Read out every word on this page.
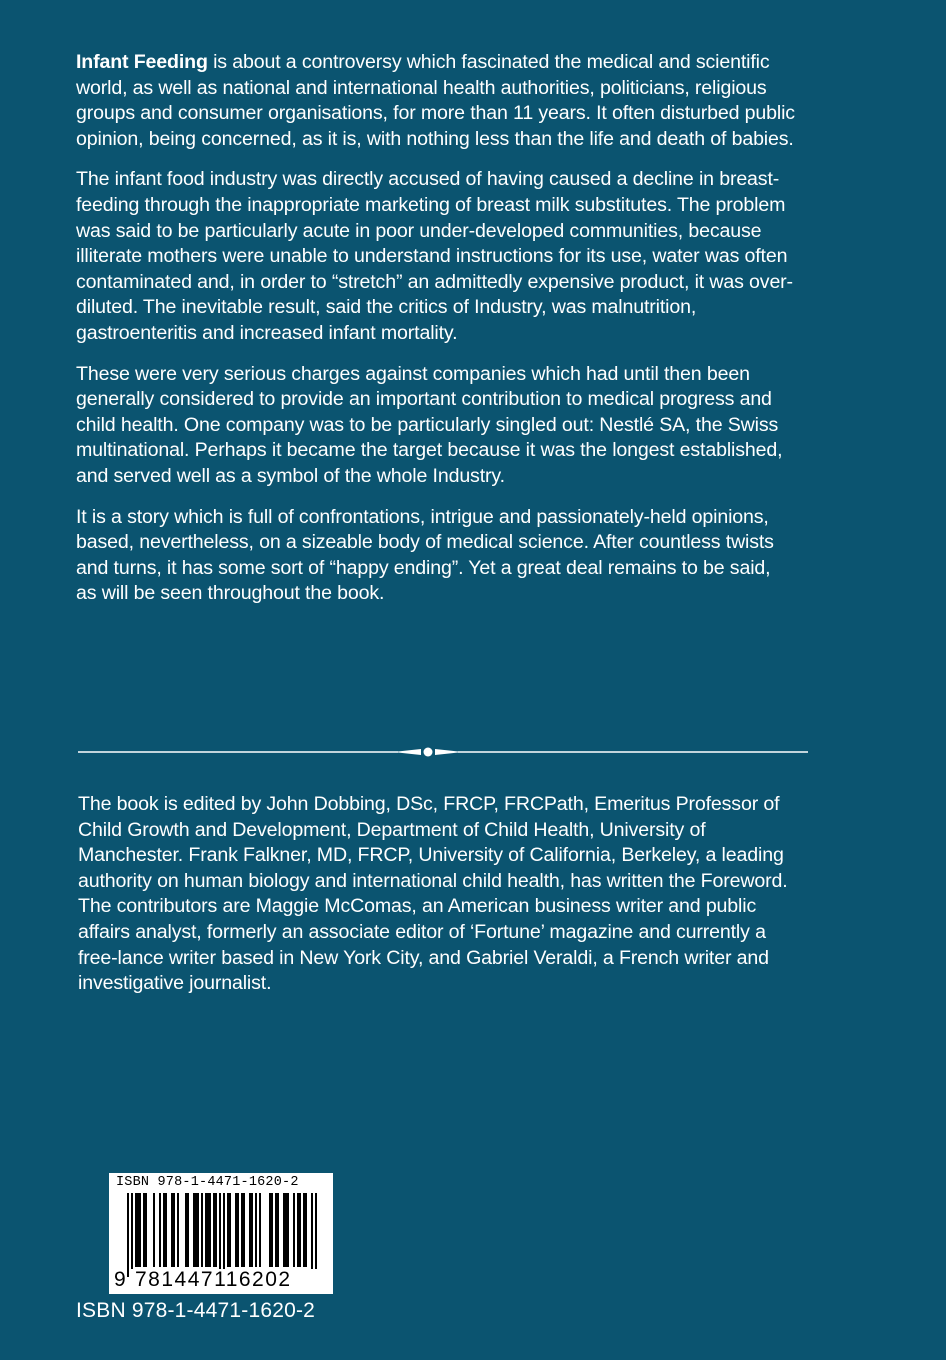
Infant Feeding is about a controversy which fascinated the medical and scientific world, as well as national and international health authorities, politicians, religious groups and consumer organisations, for more than 11 years. It often disturbed public opinion, being concerned, as it is, with nothing less than the life and death of babies.

The infant food industry was directly accused of having caused a decline in breast-feeding through the inappropriate marketing of breast milk substitutes. The problem was said to be particularly acute in poor under-developed communities, because illiterate mothers were unable to understand instructions for its use, water was often contaminated and, in order to “stretch” an admittedly expensive product, it was over-diluted. The inevitable result, said the critics of Industry, was malnutrition, gastroenteritis and increased infant mortality.

These were very serious charges against companies which had until then been generally considered to provide an important contribution to medical progress and child health. One company was to be particularly singled out: Nestlé SA, the Swiss multinational. Perhaps it became the target because it was the longest established, and served well as a symbol of the whole Industry.

It is a story which is full of confrontations, intrigue and passionately-held opinions, based, nevertheless, on a sizeable body of medical science. After countless twists and turns, it has some sort of “happy ending”. Yet a great deal remains to be said, as will be seen throughout the book.

The book is edited by John Dobbing, DSc, FRCP, FRCPath, Emeritus Professor of Child Growth and Development, Department of Child Health, University of Manchester. Frank Falkner, MD, FRCP, University of California, Berkeley, a leading authority on human biology and international child health, has written the Foreword. The contributors are Maggie McComas, an American business writer and public affairs analyst, formerly an associate editor of ‘Fortune’ magazine and currently a free-lance writer based in New York City, and Gabriel Veraldi, a French writer and investigative journalist.

ISBN 978-1-4471-1620-2
9 781447116202
ISBN 978-1-4471-1620-2
